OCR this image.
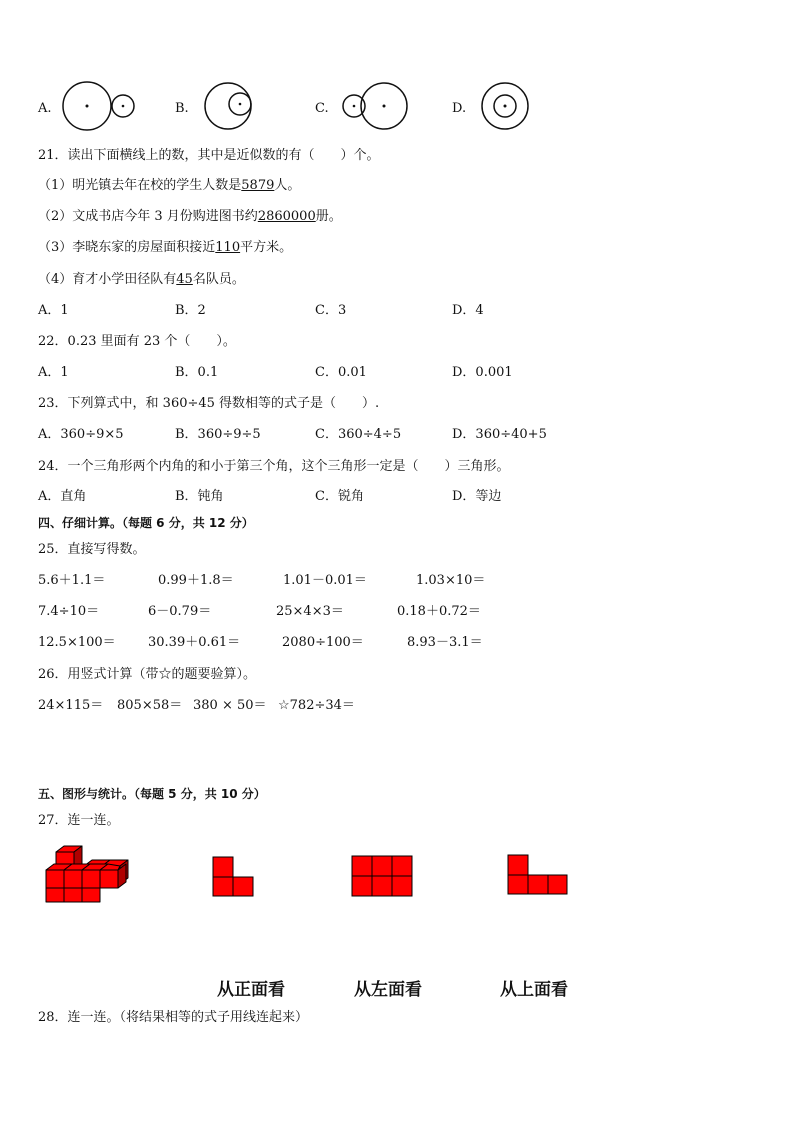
A.	B.	C.	D.
21．读出下面横线上的数，其中是近似数的有（　　）个。
（1）明光镇去年在校的学生人数是5879人。
（2）文成书店今年 3 月份购进图书约2860000册。
（3）李晓东家的房屋面积接近110平方米。
（4）育才小学田径队有45名队员。
A．1	B．2	C．3	D．4
22．0.23 里面有 23 个（　　）。
A．1	B．0.1	C．0.01	D．0.001
23．下列算式中，和 360÷45 得数相等的式子是（　　）.
A．360÷9×5	B．360÷9÷5	C．360÷4÷5	D．360÷40+5
24．一个三角形两个内角的和小于第三个角，这个三角形一定是（　　）三角形。
A．直角	B．钝角	C．锐角	D．等边
四、仔细计算。（每题 6 分，共 12 分）
25．直接写得数。
5.6＋1.1＝	0.99＋1.8＝	1.01－0.01＝	1.03×10＝
7.4÷10＝	6－0.79＝	25×4×3＝	0.18＋0.72＝
12.5×100＝ 30.39＋0.61＝	2080÷100＝	8.93－3.1＝
26．用竖式计算（带☆的题要验算）。
24×115＝ 805×58＝ 380 × 50＝ ☆782÷34＝
五、图形与统计。（每题 5 分，共 10 分）
27．连一连。
从正面看	从左面看	从上面看
28．连一连。（将结果相等的式子用线连起来）
